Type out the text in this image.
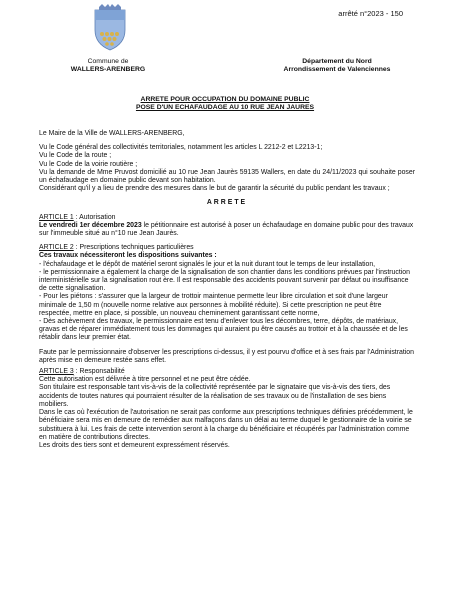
arrêté n°2023 - 150
Commune de
WALLERS-ARENBERG
Département du Nord
Arrondissement de Valenciennes
ARRETE POUR OCCUPATION DU DOMAINE PUBLIC
POSE D'UN ECHAFAUDAGE AU 10 RUE JEAN JAURES

Le Maire de la Ville de WALLERS-ARENBERG,

Vu le Code général des collectivités territoriales, notamment les articles L 2212-2 et L2213-1;

Vu le Code de la route ;

Vu le Code de la voirie routière ;

Vu la demande de Mme Pruvost domicilié au 10 rue Jean Jaurès 59135 Wallers, en date du 24/11/2023 qui souhaite poser un échafaudage en domaine public devant son habitation.

Considérant qu'il y a lieu de prendre des mesures dans le but de garantir la sécurité du public pendant les travaux ;

ARRETE

ARTICLE 1 : Autorisation

Le vendredi 1er décembre 2023 le pétitionnaire est autorisé à poser un échafaudage en domaine public pour des travaux sur l'immeuble situé au n°10 rue Jean Jaurès.

ARTICLE 2 : Prescriptions techniques particulières

Ces travaux nécessiteront les dispositions suivantes :

- l'échafaudage et le dépôt de matériel seront signalés le jour et la nuit durant tout le temps de leur installation,

- le permissionnaire a également la charge de la signalisation de son chantier dans les conditions prévues par l'instruction interministérielle sur la signalisation rout ère. Il est responsable des accidents pouvant survenir par défaut ou insuffisance de cette signalisation.

- Pour les piétons : s'assurer que la largeur de trottoir maintenue permette leur libre circulation et soit d'une largeur minimale de 1,50 m (nouvelle norme relative aux personnes à mobilité réduite). Si cette prescription ne peut être respectée, mettre en place, si possible, un nouveau cheminement garantissant cette norme,

- Dès achèvement des travaux, le permissionnaire est tenu d'enlever tous les décombres, terre, dépôts, de matériaux, gravas et de réparer immédiatement tous les dommages qui auraient pu être causés au trottoir et à la chaussée et de les rétablir dans leur premier état.

Faute par le permissionnaire d'observer les prescriptions ci-dessus, il y est pourvu d'office et à ses frais par l'Administration après mise en demeure restée sans effet.

ARTICLE 3 : Responsabilité

Cette autorisation est délivrée à titre personnel et ne peut être cédée.

Son titulaire est responsable tant vis-à-vis de la collectivité représentée par le signataire que vis-à-vis des tiers, des accidents de toutes natures qui pourraient résulter de la réalisation de ses travaux ou de l'installation de ses biens mobiliers.

Dans le cas où l'exécution de l'autorisation ne serait pas conforme aux prescriptions techniques définies précédemment, le bénéficiaire sera mis en demeure de remédier aux malfaçons dans un délai au terme duquel le gestionnaire de la voirie se substituera à lui. Les frais de cette intervention seront à la charge du bénéficiaire et récupérés par l'administration comme en matière de contributions directes.

Les droits des tiers sont et demeurent expressément réservés.
